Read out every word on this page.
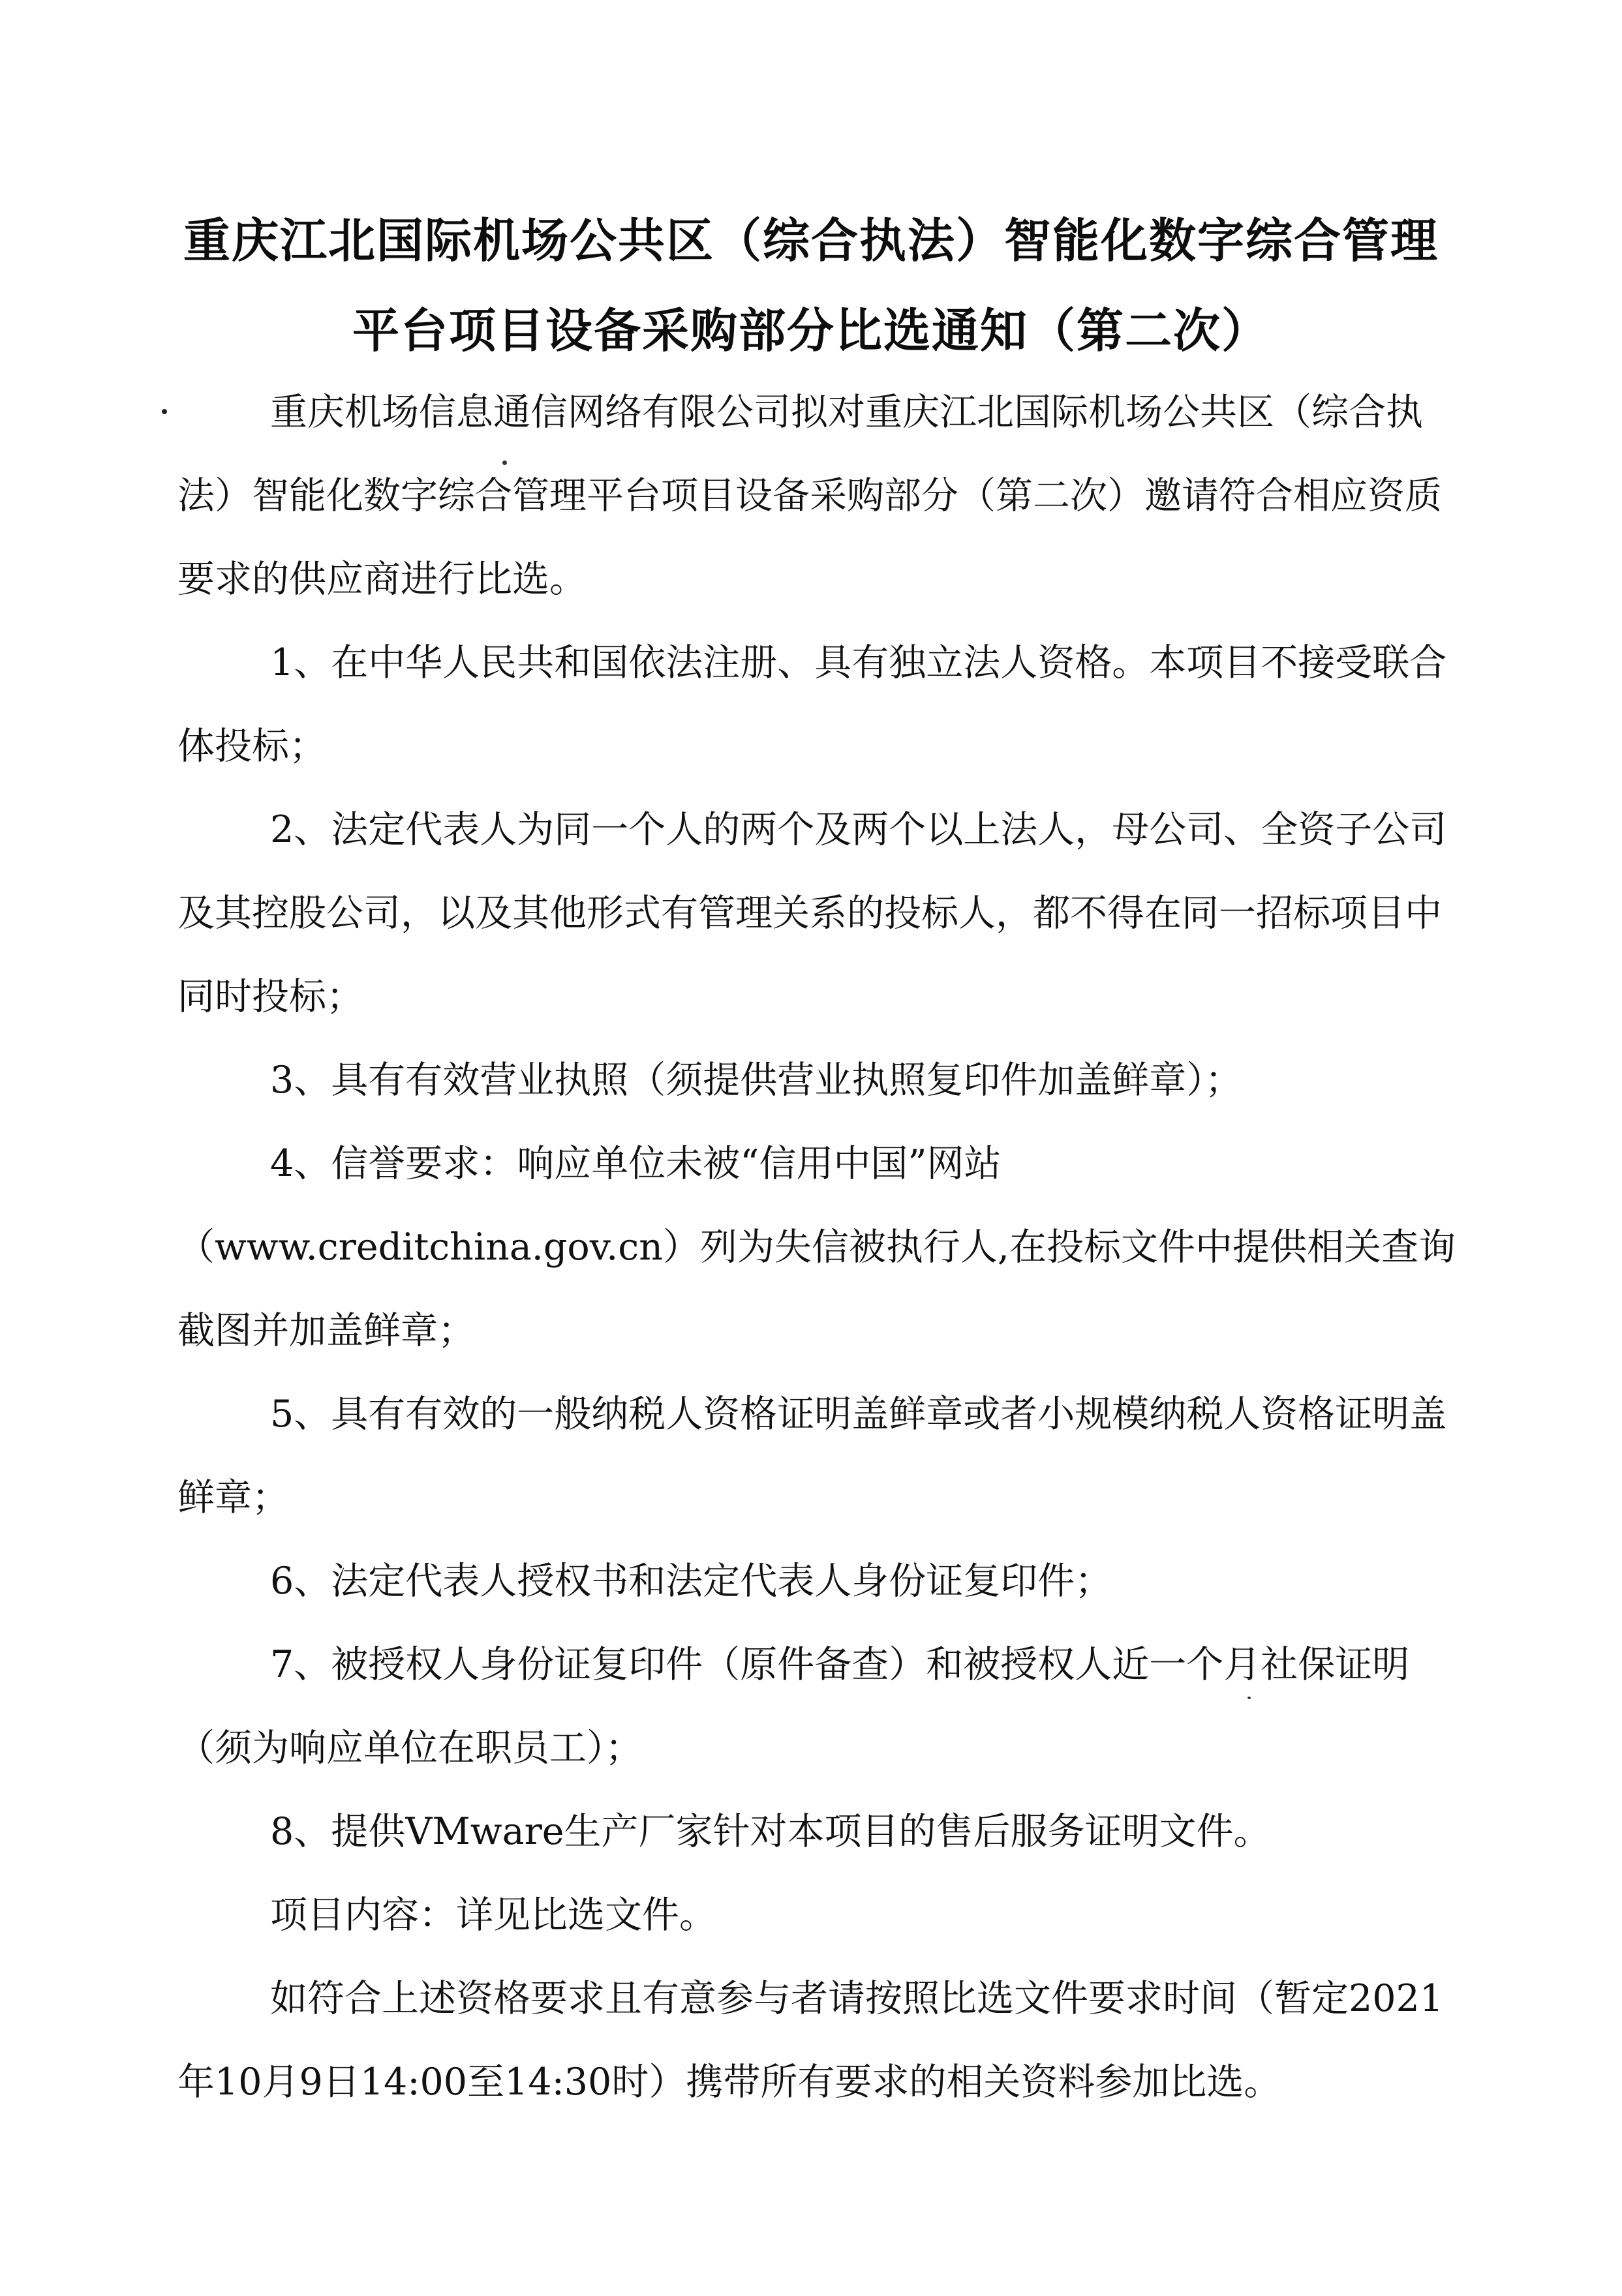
重庆江北国际机场公共区（综合执法）智能化数字综合管理
平台项目设备采购部分比选通知（第二次）

重庆机场信息通信网络有限公司拟对重庆江北国际机场公共区（综合执法）智能化数字综合管理平台项目设备采购部分（第二次）邀请符合相应资质要求的供应商进行比选。

1、在中华人民共和国依法注册、具有独立法人资格。本项目不接受联合体投标；

2、法定代表人为同一个人的两个及两个以上法人，母公司、全资子公司及其控股公司，以及其他形式有管理关系的投标人，都不得在同一招标项目中同时投标；

3、具有有效营业执照（须提供营业执照复印件加盖鲜章）；

4、信誉要求：响应单位未被“信用中国”网站（www.creditchina.gov.cn）列为失信被执行人,在投标文件中提供相关查询截图并加盖鲜章；

5、具有有效的一般纳税人资格证明盖鲜章或者小规模纳税人资格证明盖鲜章；

6、法定代表人授权书和法定代表人身份证复印件；

7、被授权人身份证复印件（原件备查）和被授权人近一个月社保证明（须为响应单位在职员工）；

8、提供VMware生产厂家针对本项目的售后服务证明文件。

项目内容：详见比选文件。

如符合上述资格要求且有意参与者请按照比选文件要求时间（暂定2021年10月9日14:00至14:30时）携带所有要求的相关资料参加比选。
